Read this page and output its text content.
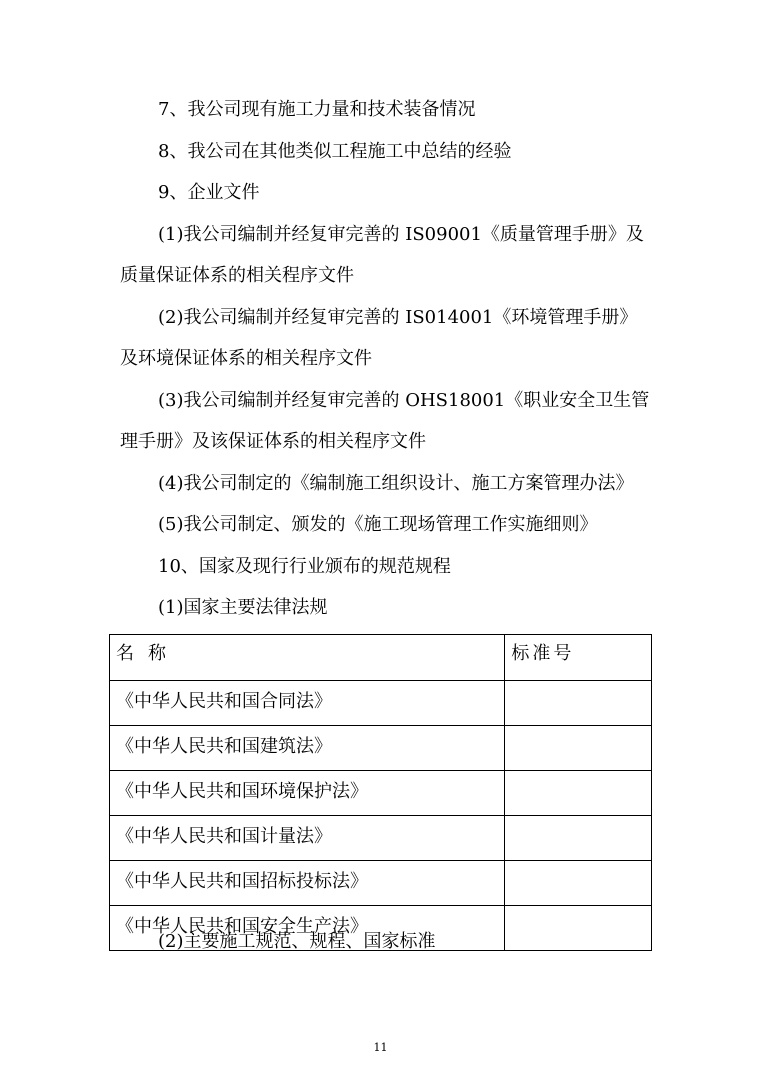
7、我公司现有施工力量和技术装备情况
8、我公司在其他类似工程施工中总结的经验
9、企业文件
(1)我公司编制并经复审完善的 IS09001《质量管理手册》及
质量保证体系的相关程序文件
(2)我公司编制并经复审完善的 IS014001《环境管理手册》
及环境保证体系的相关程序文件
(3)我公司编制并经复审完善的 OHS18001《职业安全卫生管
理手册》及该保证体系的相关程序文件
(4)我公司制定的《编制施工组织设计、施工方案管理办法》
(5)我公司制定、颁发的《施工现场管理工作实施细则》
10、国家及现行行业颁布的规范规程
(1)国家主要法律法规
名称	标准号
《中华人民共和国合同法》	
《中华人民共和国建筑法》	
《中华人民共和国环境保护法》	
《中华人民共和国计量法》	
《中华人民共和国招标投标法》	
《中华人民共和国安全生产法》	
(2)主要施工规范、规程、国家标准
11
